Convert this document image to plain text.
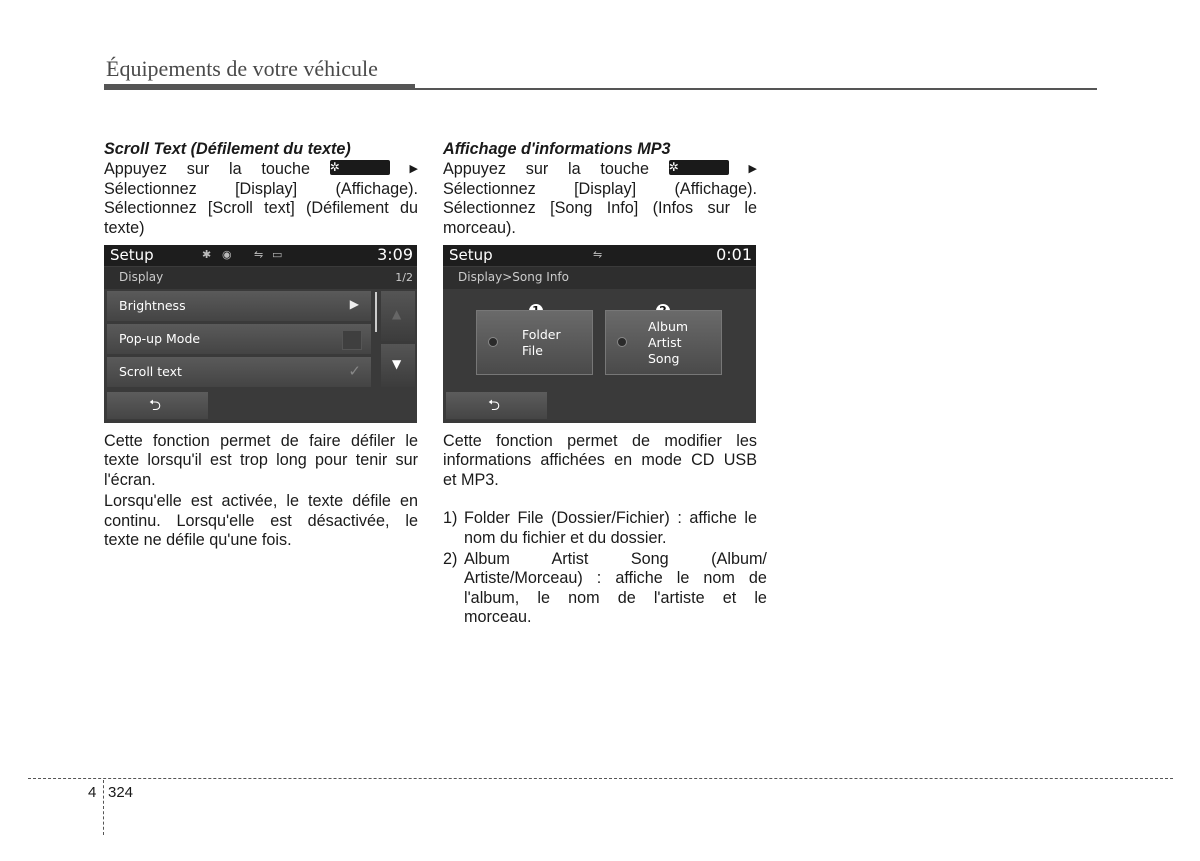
Équipements de votre véhicule
Scroll Text (Défilement du texte)
Appuyez sur la touche ✲	▶
Sélectionnez [Display] (Affichage).
Sélectionnez [Scroll text] (Défilement du
texte)
Setup	✱ ◉ ⇋ ▭	3:09
Display	1/2
Brightness	▶
Pop-up Mode
Scroll text	✓
▲
▼
⮌
Cette fonction permet de faire défiler le
texte lorsqu'il est trop long pour tenir sur
l'écran.
Lorsqu'elle est activée, le texte défile en
continu. Lorsqu'elle est désactivée, le
texte ne défile qu'une fois.
Affichage d'informations MP3
Appuyez sur la touche ✲	▶
Sélectionnez [Display] (Affichage).
Sélectionnez [Song Info] (Infos sur le
morceau).
Setup	⇋	0:01
Display>Song Info
Folder
File
Album
Artist
Song
⮌
Cette fonction permet de modifier les
informations affichées en mode CD USB
et MP3.
1) Folder File (Dossier/Fichier) : affiche le
nom du fichier et du dossier.
2) Album Artist Song (Album/
Artiste/Morceau) : affiche le nom de
l'album, le nom de l'artiste et le
morceau.
4 324
